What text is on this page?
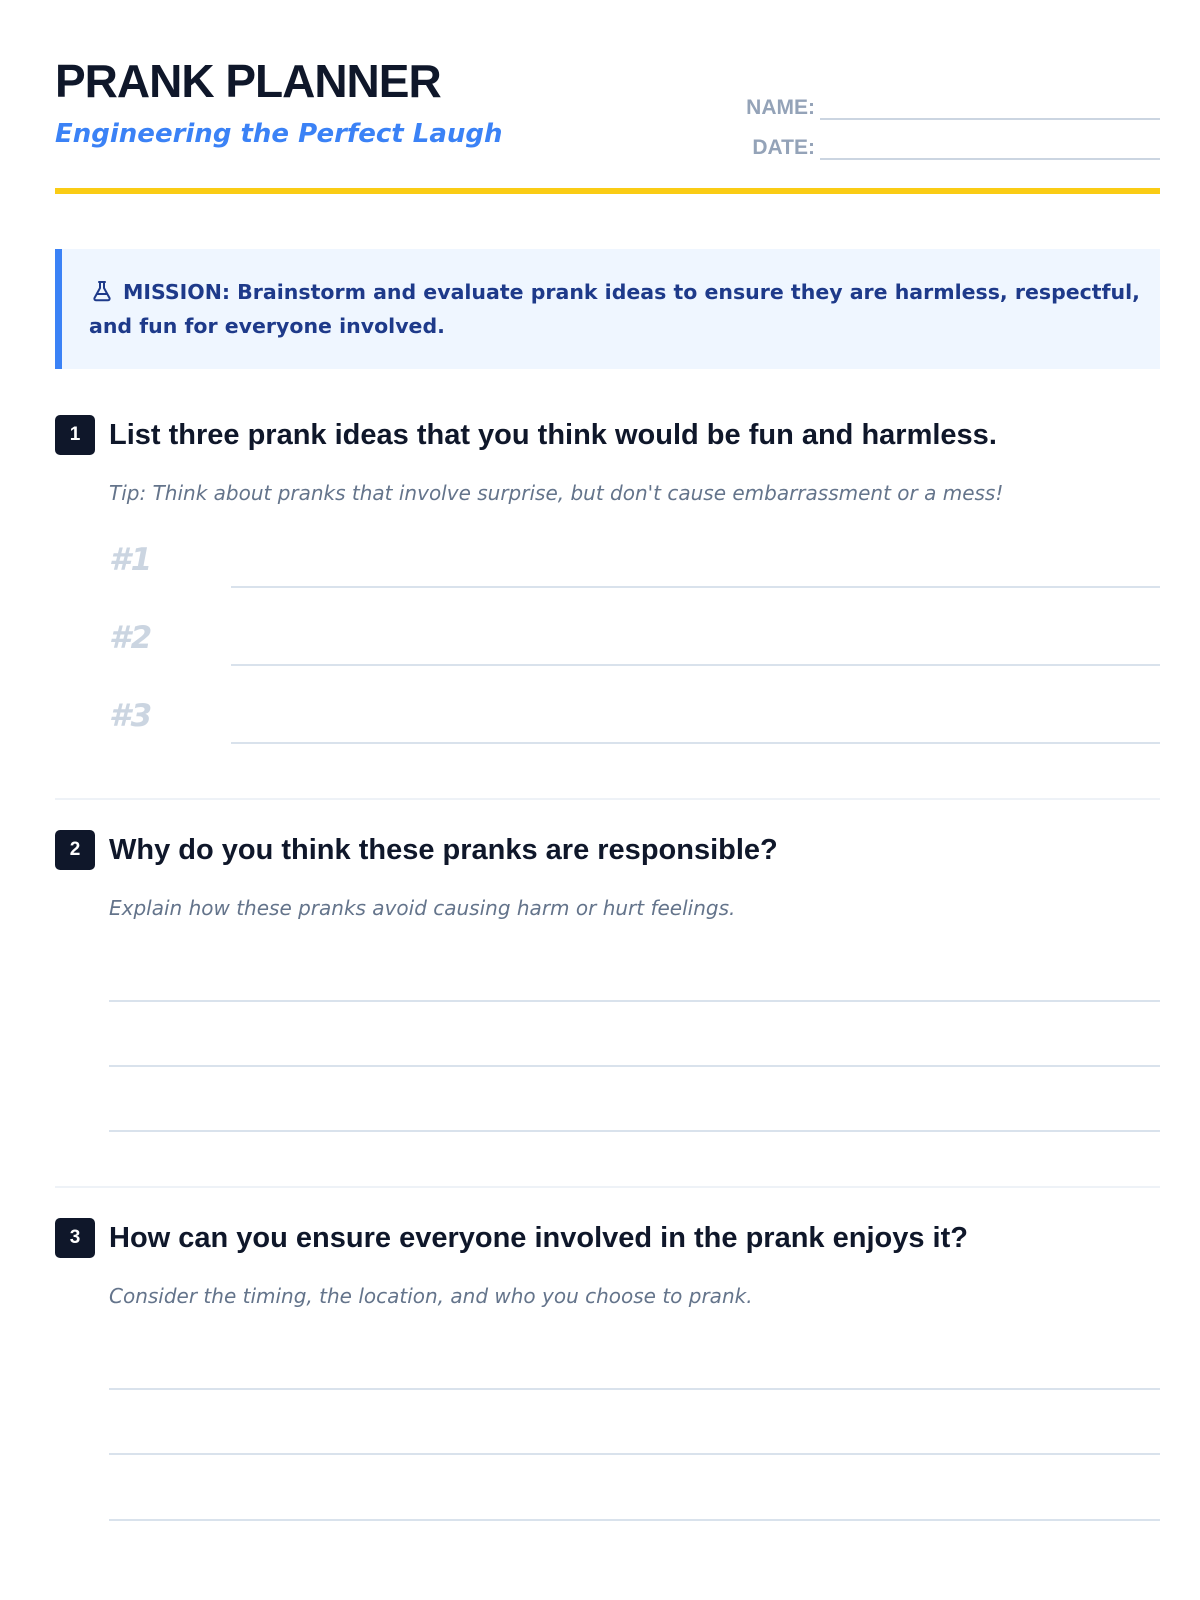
PRANK PLANNER
Engineering the Perfect Laugh
NAME:
DATE:
MISSION: Brainstorm and evaluate prank ideas to ensure they are harmless, respectful, and fun for everyone involved.
1 List three prank ideas that you think would be fun and harmless.
Tip: Think about pranks that involve surprise, but don't cause embarrassment or a mess!
#1
#2
#3
2 Why do you think these pranks are responsible?
Explain how these pranks avoid causing harm or hurt feelings.
3 How can you ensure everyone involved in the prank enjoys it?
Consider the timing, the location, and who you choose to prank.
